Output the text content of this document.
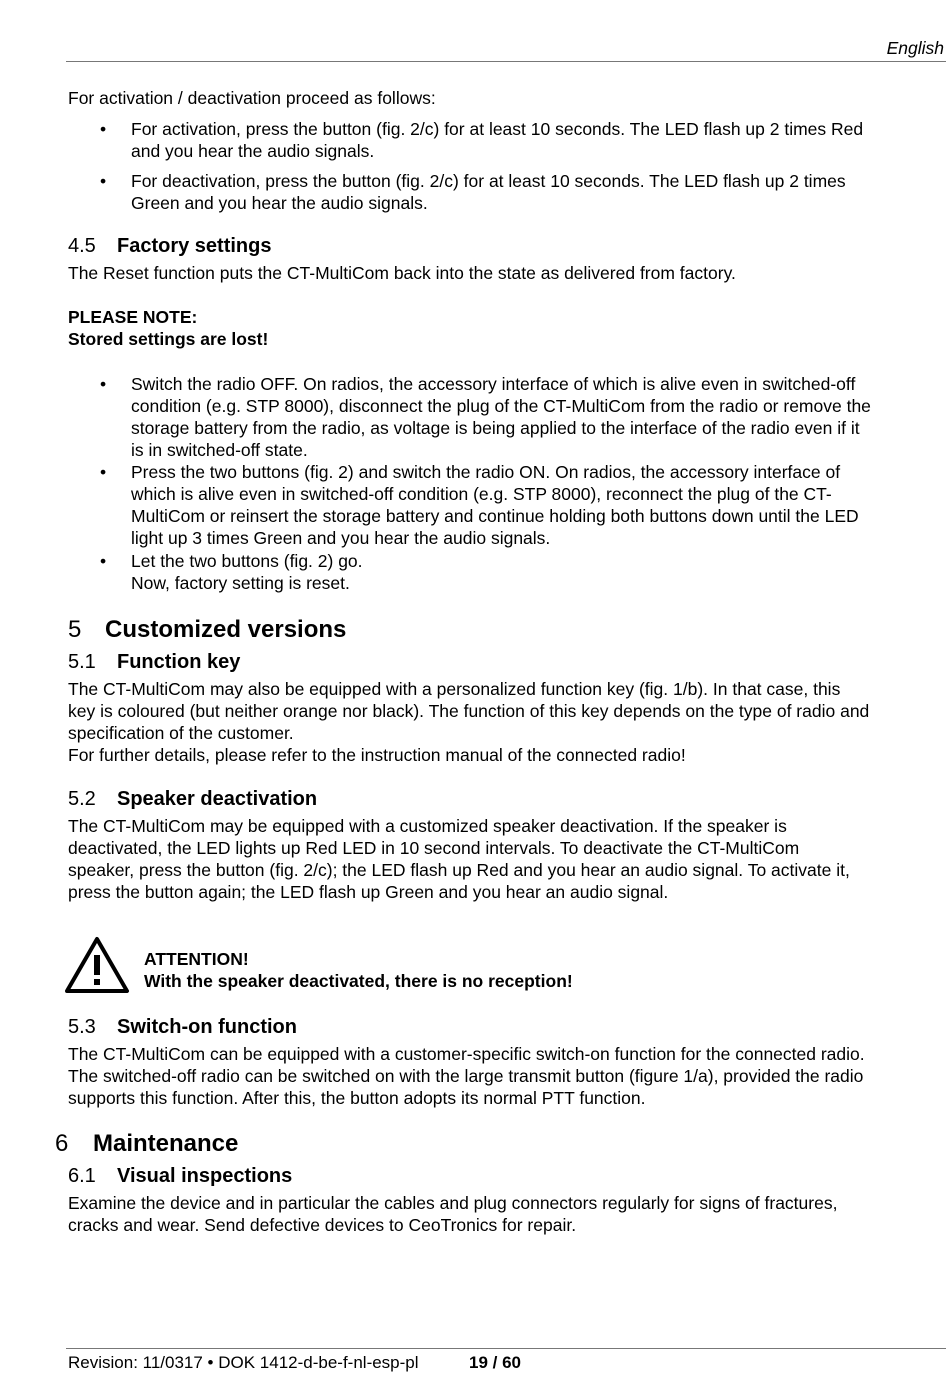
English
For activation / deactivation proceed as follows:
• For activation, press the button (fig. 2/c) for at least 10 seconds. The LED flash up 2 times Red
and you hear the audio signals.
• For deactivation, press the button (fig. 2/c) for at least 10 seconds. The LED flash up 2 times
Green and you hear the audio signals.
4.5 Factory settings
The Reset function puts the CT-MultiCom back into the state as delivered from factory.
PLEASE NOTE:
Stored settings are lost!
• Switch the radio OFF. On radios, the accessory interface of which is alive even in switched-off
condition (e.g. STP 8000), disconnect the plug of the CT-MultiCom from the radio or remove the
storage battery from the radio, as voltage is being applied to the interface of the radio even if it
is in switched-off state.
• Press the two buttons (fig. 2) and switch the radio ON. On radios, the accessory interface of
which is alive even in switched-off condition (e.g. STP 8000), reconnect the plug of the CT-
MultiCom or reinsert the storage battery and continue holding both buttons down until the LED
light up 3 times Green and you hear the audio signals.
• Let the two buttons (fig. 2) go.
Now, factory setting is reset.
5 Customized versions
5.1 Function key
The CT-MultiCom may also be equipped with a personalized function key (fig. 1/b). In that case, this
key is coloured (but neither orange nor black). The function of this key depends on the type of radio and
specification of the customer.
For further details, please refer to the instruction manual of the connected radio!
5.2 Speaker deactivation
The CT-MultiCom may be equipped with a customized speaker deactivation. If the speaker is
deactivated, the LED lights up Red LED in 10 second intervals. To deactivate the CT-MultiCom
speaker, press the button (fig. 2/c); the LED flash up Red and you hear an audio signal. To activate it,
press the button again; the LED flash up Green and you hear an audio signal.
ATTENTION!
With the speaker deactivated, there is no reception!
5.3 Switch-on function
The CT-MultiCom can be equipped with a customer-specific switch-on function for the connected radio.
The switched-off radio can be switched on with the large transmit button (figure 1/a), provided the radio
supports this function. After this, the button adopts its normal PTT function.
6 Maintenance
6.1 Visual inspections
Examine the device and in particular the cables and plug connectors regularly for signs of fractures,
cracks and wear. Send defective devices to CeoTronics for repair.
Revision: 11/0317 • DOK 1412-d-be-f-nl-esp-pl	19 / 60
